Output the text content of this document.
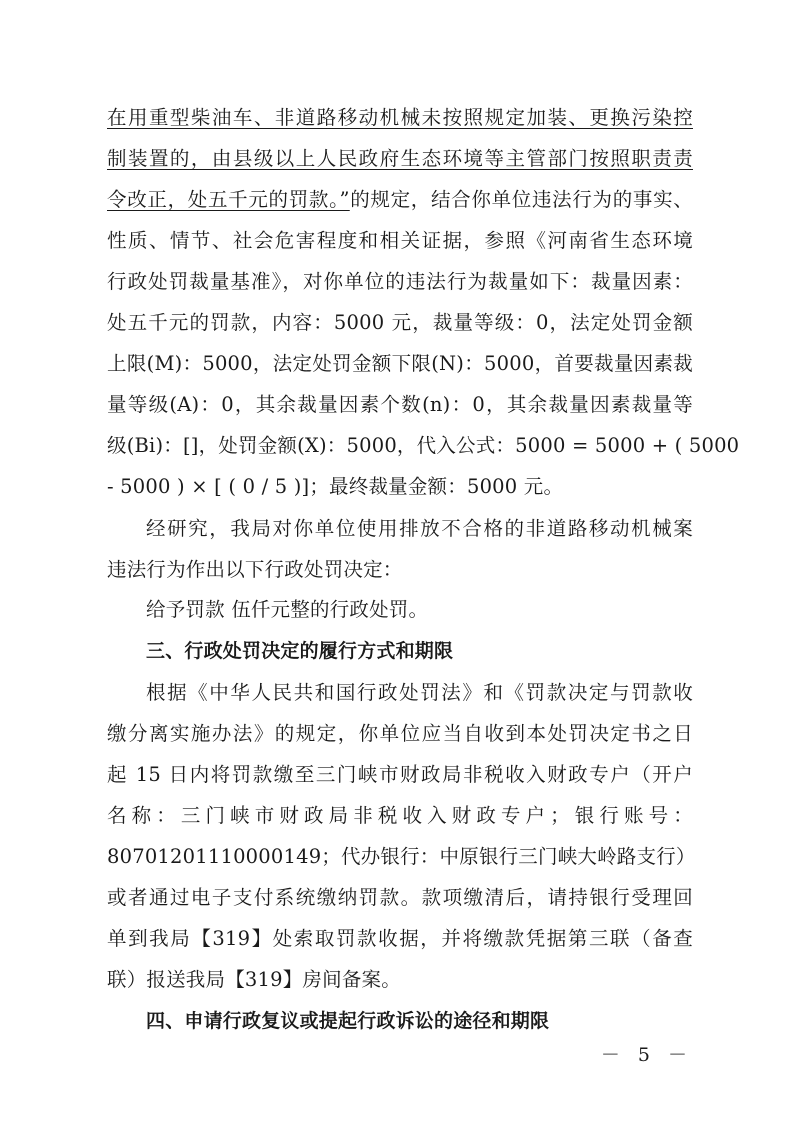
在用重型柴油车、非道路移动机械未按照规定加装、更换污染控
制装置的，由县级以上人民政府生态环境等主管部门按照职责责
令改正，处五千元的罚款。”的规定，结合你单位违法行为的事实、
性质、情节、社会危害程度和相关证据，参照《河南省生态环境
行政处罚裁量基准》，对你单位的违法行为裁量如下：裁量因素：
处五千元的罚款，内容：5000 元，裁量等级：0，法定处罚金额
上限(M)：5000，法定处罚金额下限(N)：5000，首要裁量因素裁
量等级(A)：0，其余裁量因素个数(n)：0，其余裁量因素裁量等
级(Bi)：[]，处罚金额(X)：5000，代入公式：5000 = 5000 + ( 5000
- 5000 ) × [ ( 0 / 5 )]；最终裁量金额：5000 元。
经研究，我局对你单位使用排放不合格的非道路移动机械案
违法行为作出以下行政处罚决定：
给予罚款 伍仟元整的行政处罚。
三、行政处罚决定的履行方式和期限
根据《中华人民共和国行政处罚法》和《罚款决定与罚款收
缴分离实施办法》的规定，你单位应当自收到本处罚决定书之日
起 15 日内将罚款缴至三门峡市财政局非税收入财政专户（开户
名称：三门峡市财政局非税收入财政专户；银行账号：
80701201110000149；代办银行：中原银行三门峡大岭路支行）
或者通过电子支付系统缴纳罚款。款项缴清后，请持银行受理回
单到我局【319】处索取罚款收据，并将缴款凭据第三联（备查
联）报送我局【319】房间备案。
四、申请行政复议或提起行政诉讼的途径和期限
－ 5 －
